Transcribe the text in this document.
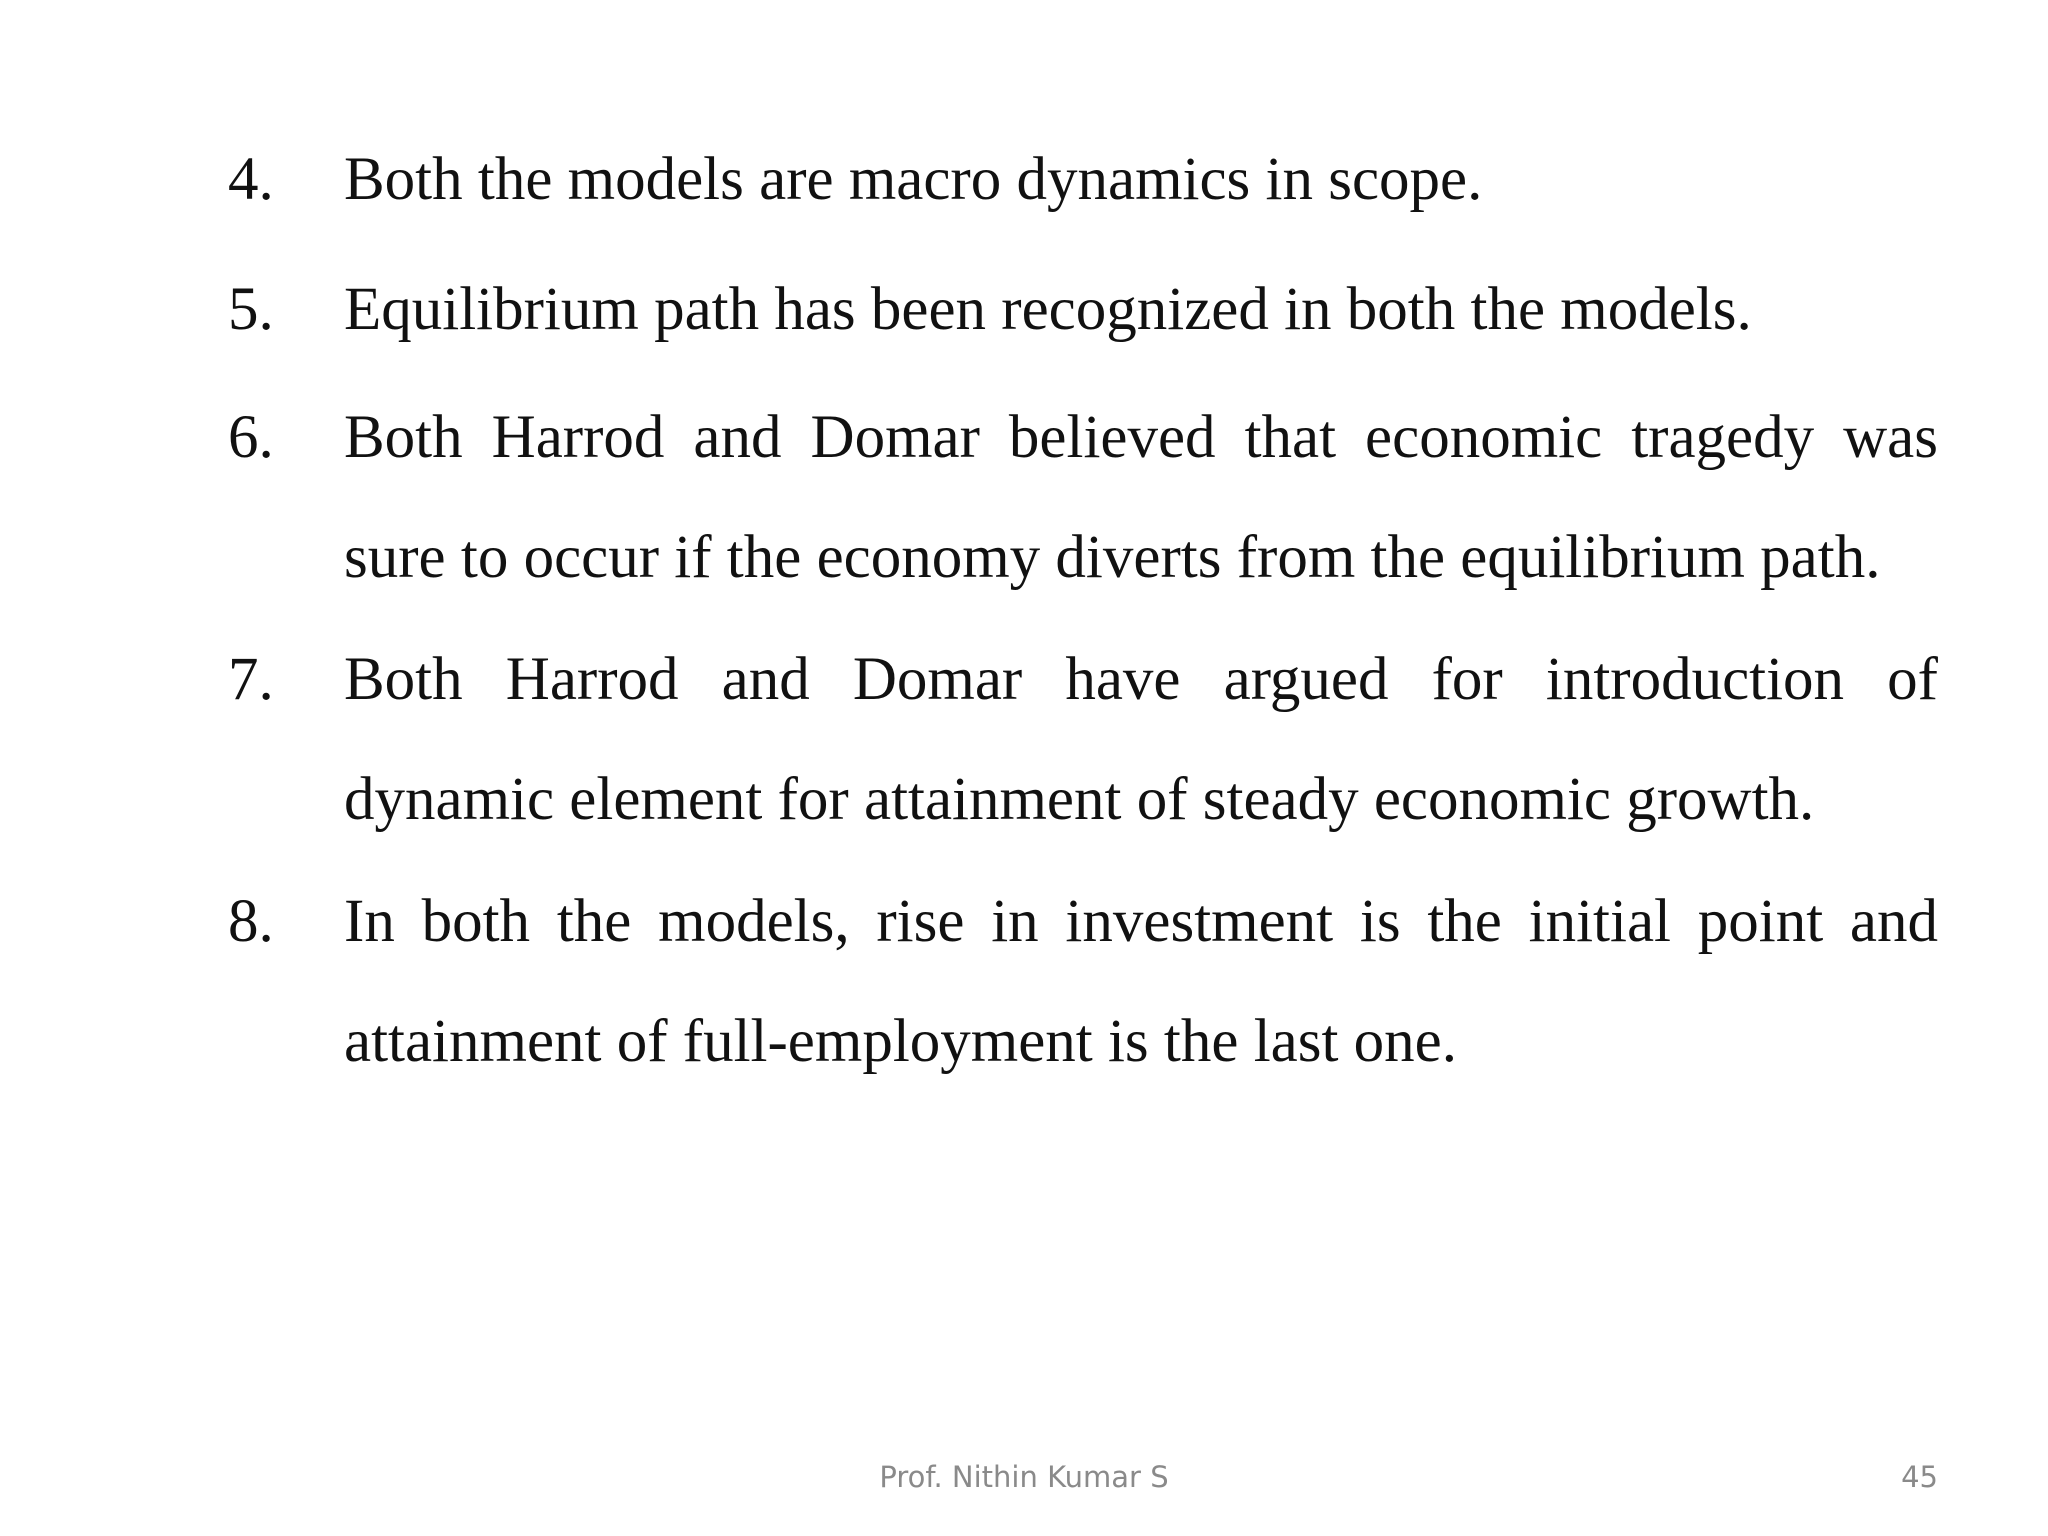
4.	Both the models are macro dynamics in scope.
5.	Equilibrium path has been recognized in both the models.
6.	Both Harrod and Domar believed that economic tragedy was sure to occur if the economy diverts from the equilibrium path.
7.	Both Harrod and Domar have argued for introduction of dynamic element for attainment of steady economic growth.
8.	In both the models, rise in investment is the initial point and attainment of full-employment is the last one.
Prof. Nithin Kumar S	45
